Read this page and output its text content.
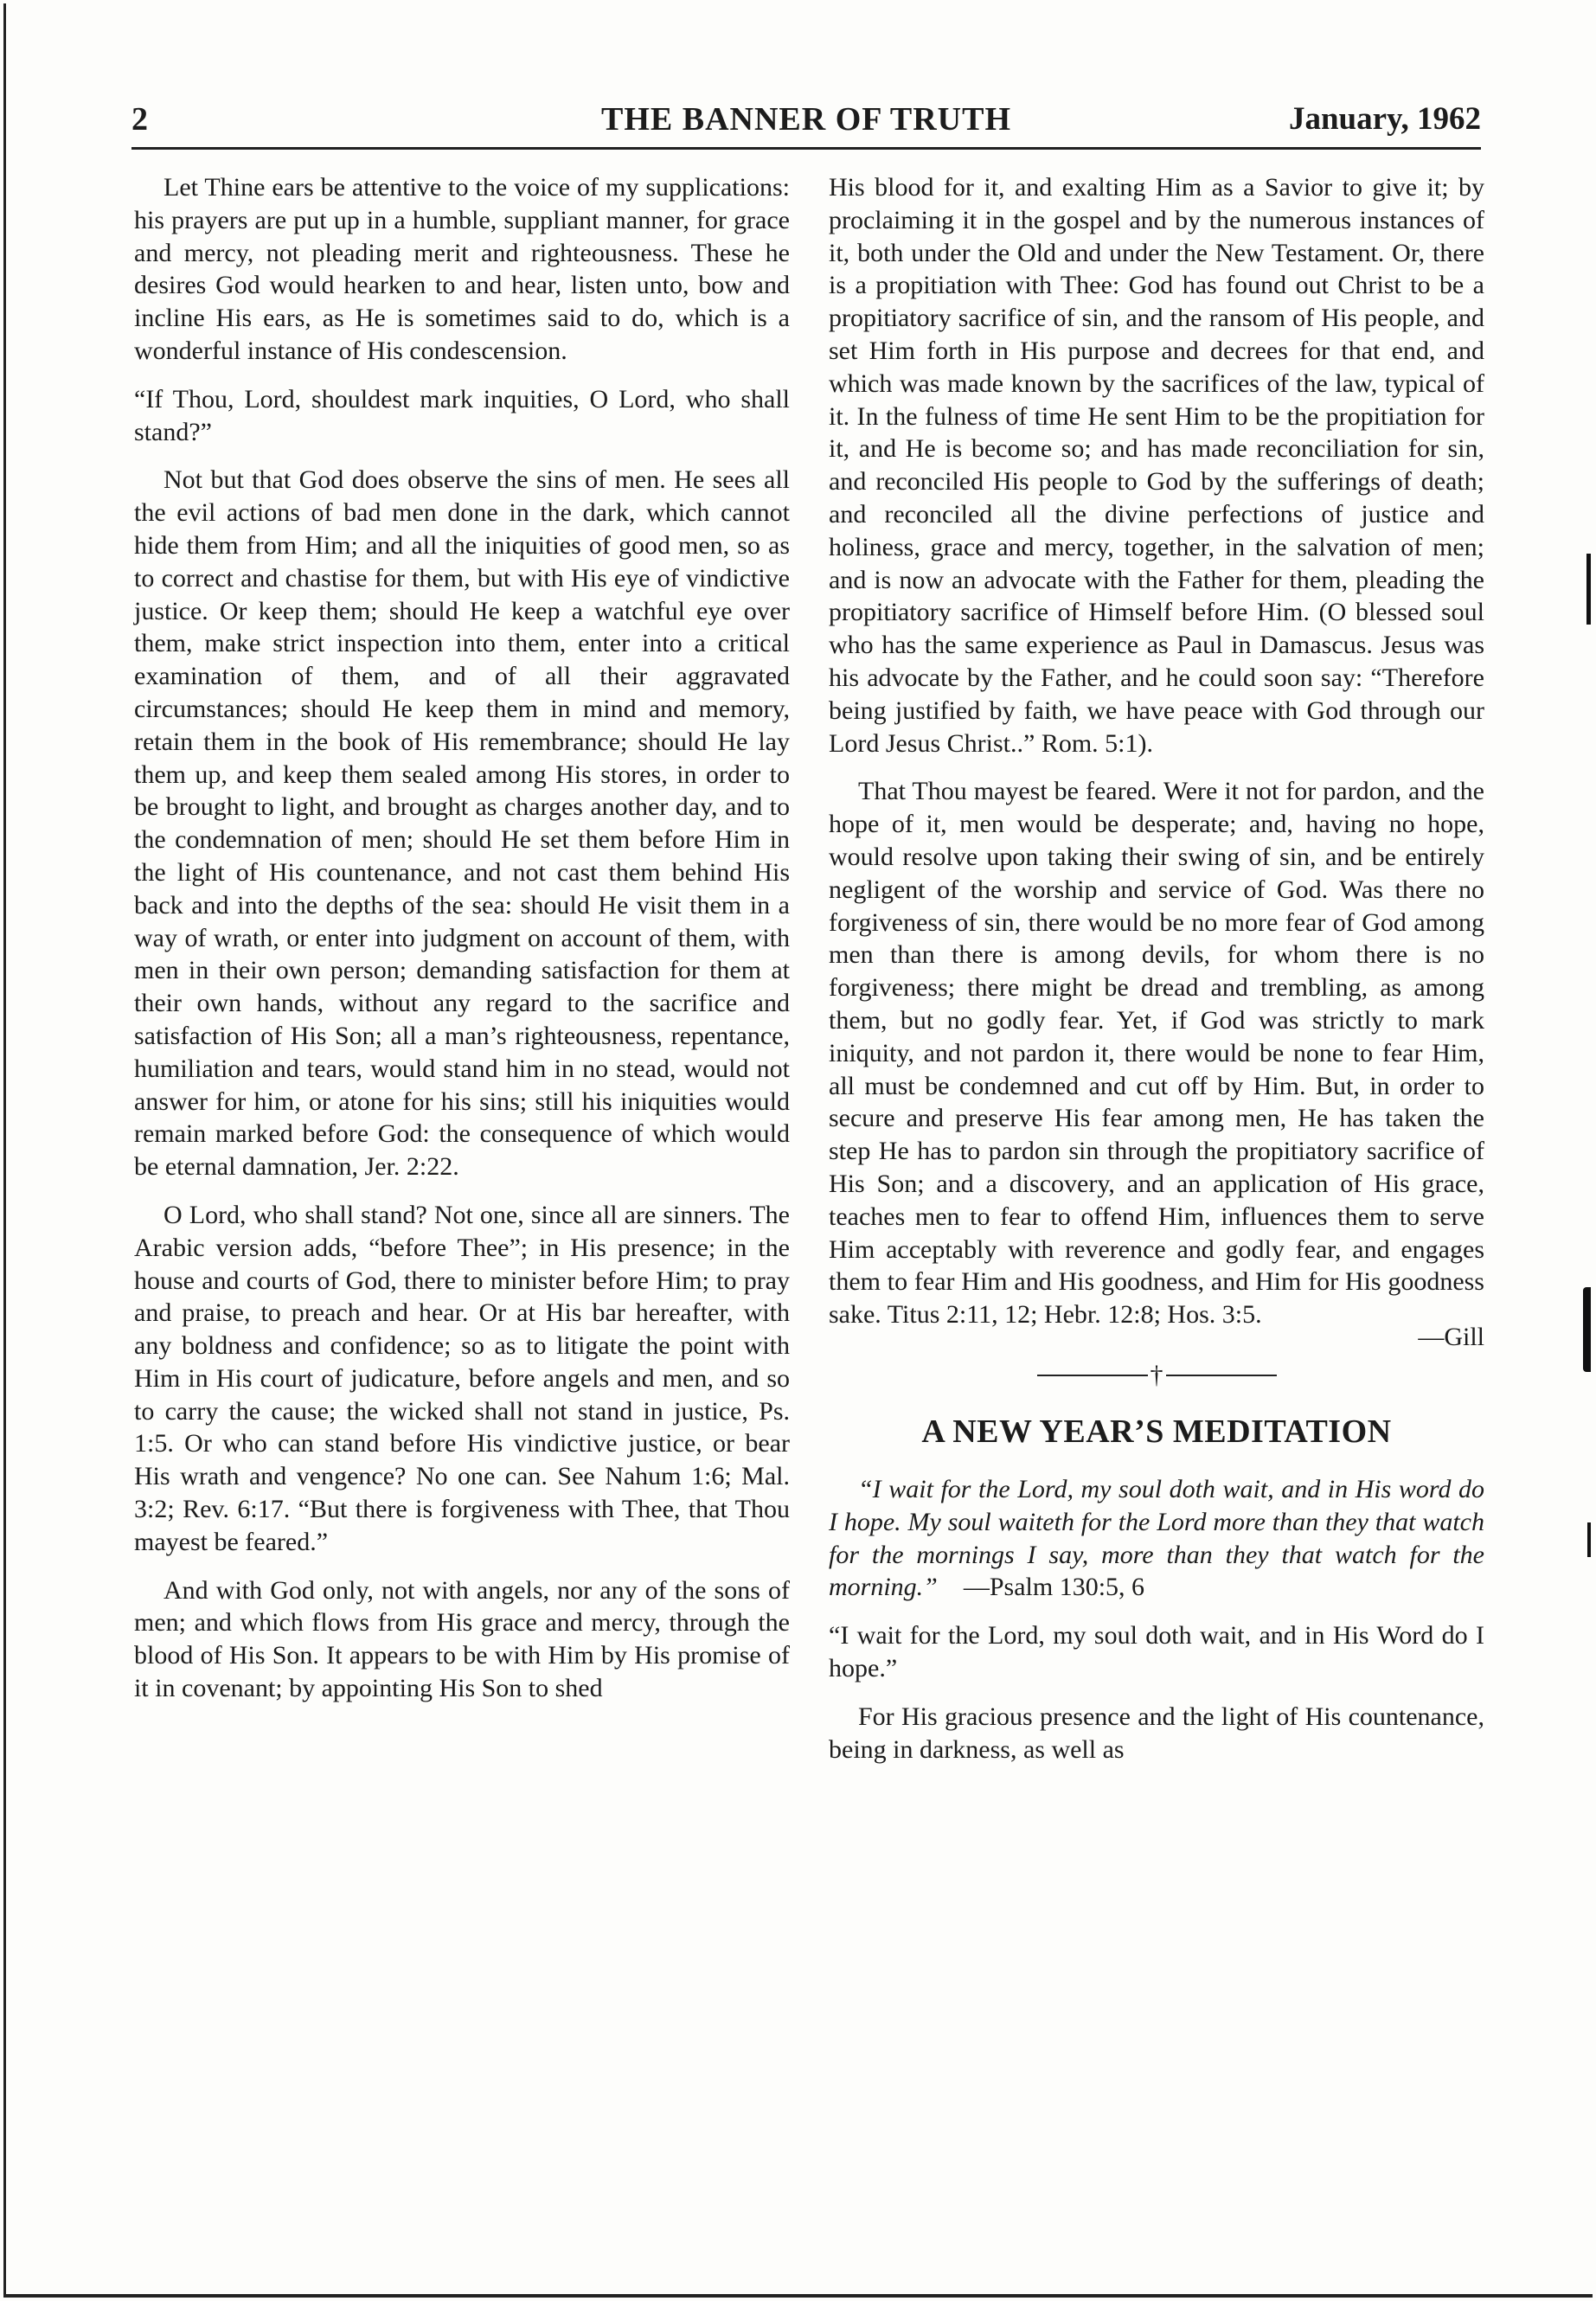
2	THE BANNER OF TRUTH	January, 1962

Let Thine ears be attentive to the voice of my supplications: his prayers are put up in a humble, suppliant manner, for grace and mercy, not pleading merit and righteousness. These he desires God would hearken to and hear, listen unto, bow and incline His ears, as He is sometimes said to do, which is a wonderful instance of His condescension.

“If Thou, Lord, shouldest mark inquities, O Lord, who shall stand?”

Not but that God does observe the sins of men. He sees all the evil actions of bad men done in the dark, which cannot hide them from Him; and all the iniquities of good men, so as to correct and chastise for them, but with His eye of vindictive justice. Or keep them; should He keep a watchful eye over them, make strict inspection into them, enter into a critical examination of them, and of all their aggravated circumstances; should He keep them in mind and memory, retain them in the book of His remembrance; should He lay them up, and keep them sealed among His stores, in order to be brought to light, and brought as charges another day, and to the condemnation of men; should He set them before Him in the light of His countenance, and not cast them behind His back and into the depths of the sea: should He visit them in a way of wrath, or enter into judgment on account of them, with men in their own person; demanding satisfaction for them at their own hands, without any regard to the sacrifice and satisfaction of His Son; all a man’s righteousness, repentance, humiliation and tears, would stand him in no stead, would not answer for him, or atone for his sins; still his iniquities would remain marked before God: the consequence of which would be eternal damnation, Jer. 2:22.

O Lord, who shall stand? Not one, since all are sinners. The Arabic version adds, “before Thee”; in His presence; in the house and courts of God, there to minister before Him; to pray and praise, to preach and hear. Or at His bar hereafter, with any boldness and confidence; so as to litigate the point with Him in His court of judicature, before angels and men, and so to carry the cause; the wicked shall not stand in justice, Ps. 1:5. Or who can stand before His vindictive justice, or bear His wrath and vengence? No one can. See Nahum 1:6; Mal. 3:2; Rev. 6:17. “But there is forgiveness with Thee, that Thou mayest be feared.”

And with God only, not with angels, nor any of the sons of men; and which flows from His grace and mercy, through the blood of His Son. It appears to be with Him by His promise of it in covenant; by appointing His Son to shed

His blood for it, and exalting Him as a Savior to give it; by proclaiming it in the gospel and by the numerous instances of it, both under the Old and under the New Testament. Or, there is a propitiation with Thee: God has found out Christ to be a propitiatory sacrifice of sin, and the ransom of His people, and set Him forth in His purpose and decrees for that end, and which was made known by the sacrifices of the law, typical of it. In the fulness of time He sent Him to be the propitiation for it, and He is become so; and has made reconciliation for sin, and reconciled His people to God by the sufferings of death; and reconciled all the divine perfections of justice and holiness, grace and mercy, together, in the salvation of men; and is now an advocate with the Father for them, pleading the propitiatory sacrifice of Himself before Him. (O blessed soul who has the same experience as Paul in Damascus. Jesus was his advocate by the Father, and he could soon say: “Therefore being justified by faith, we have peace with God through our Lord Jesus Christ..” Rom. 5:1).

That Thou mayest be feared. Were it not for pardon, and the hope of it, men would be desperate; and, having no hope, would resolve upon taking their swing of sin, and be entirely negligent of the worship and service of God. Was there no forgiveness of sin, there would be no more fear of God among men than there is among devils, for whom there is no forgiveness; there might be dread and trembling, as among them, but no godly fear. Yet, if God was strictly to mark iniquity, and not pardon it, there would be none to fear Him, all must be condemned and cut off by Him. But, in order to secure and preserve His fear among men, He has taken the step He has to pardon sin through the propitiatory sacrifice of His Son; and a discovery, and an application of His grace, teaches men to fear to offend Him, influences them to serve Him acceptably with reverence and godly fear, and engages them to fear Him and His goodness, and Him for His goodness sake. Titus 2:11, 12; Hebr. 12:8; Hos. 3:5.

—Gill
†
A NEW YEAR’S MEDITATION

“I wait for the Lord, my soul doth wait, and in His word do I hope. My soul waiteth for the Lord more than they that watch for the mornings I say, more than they that watch for the morning.” —Psalm 130:5, 6

“I wait for the Lord, my soul doth wait, and in His Word do I hope.”

For His gracious presence and the light of His countenance, being in darkness, as well as
